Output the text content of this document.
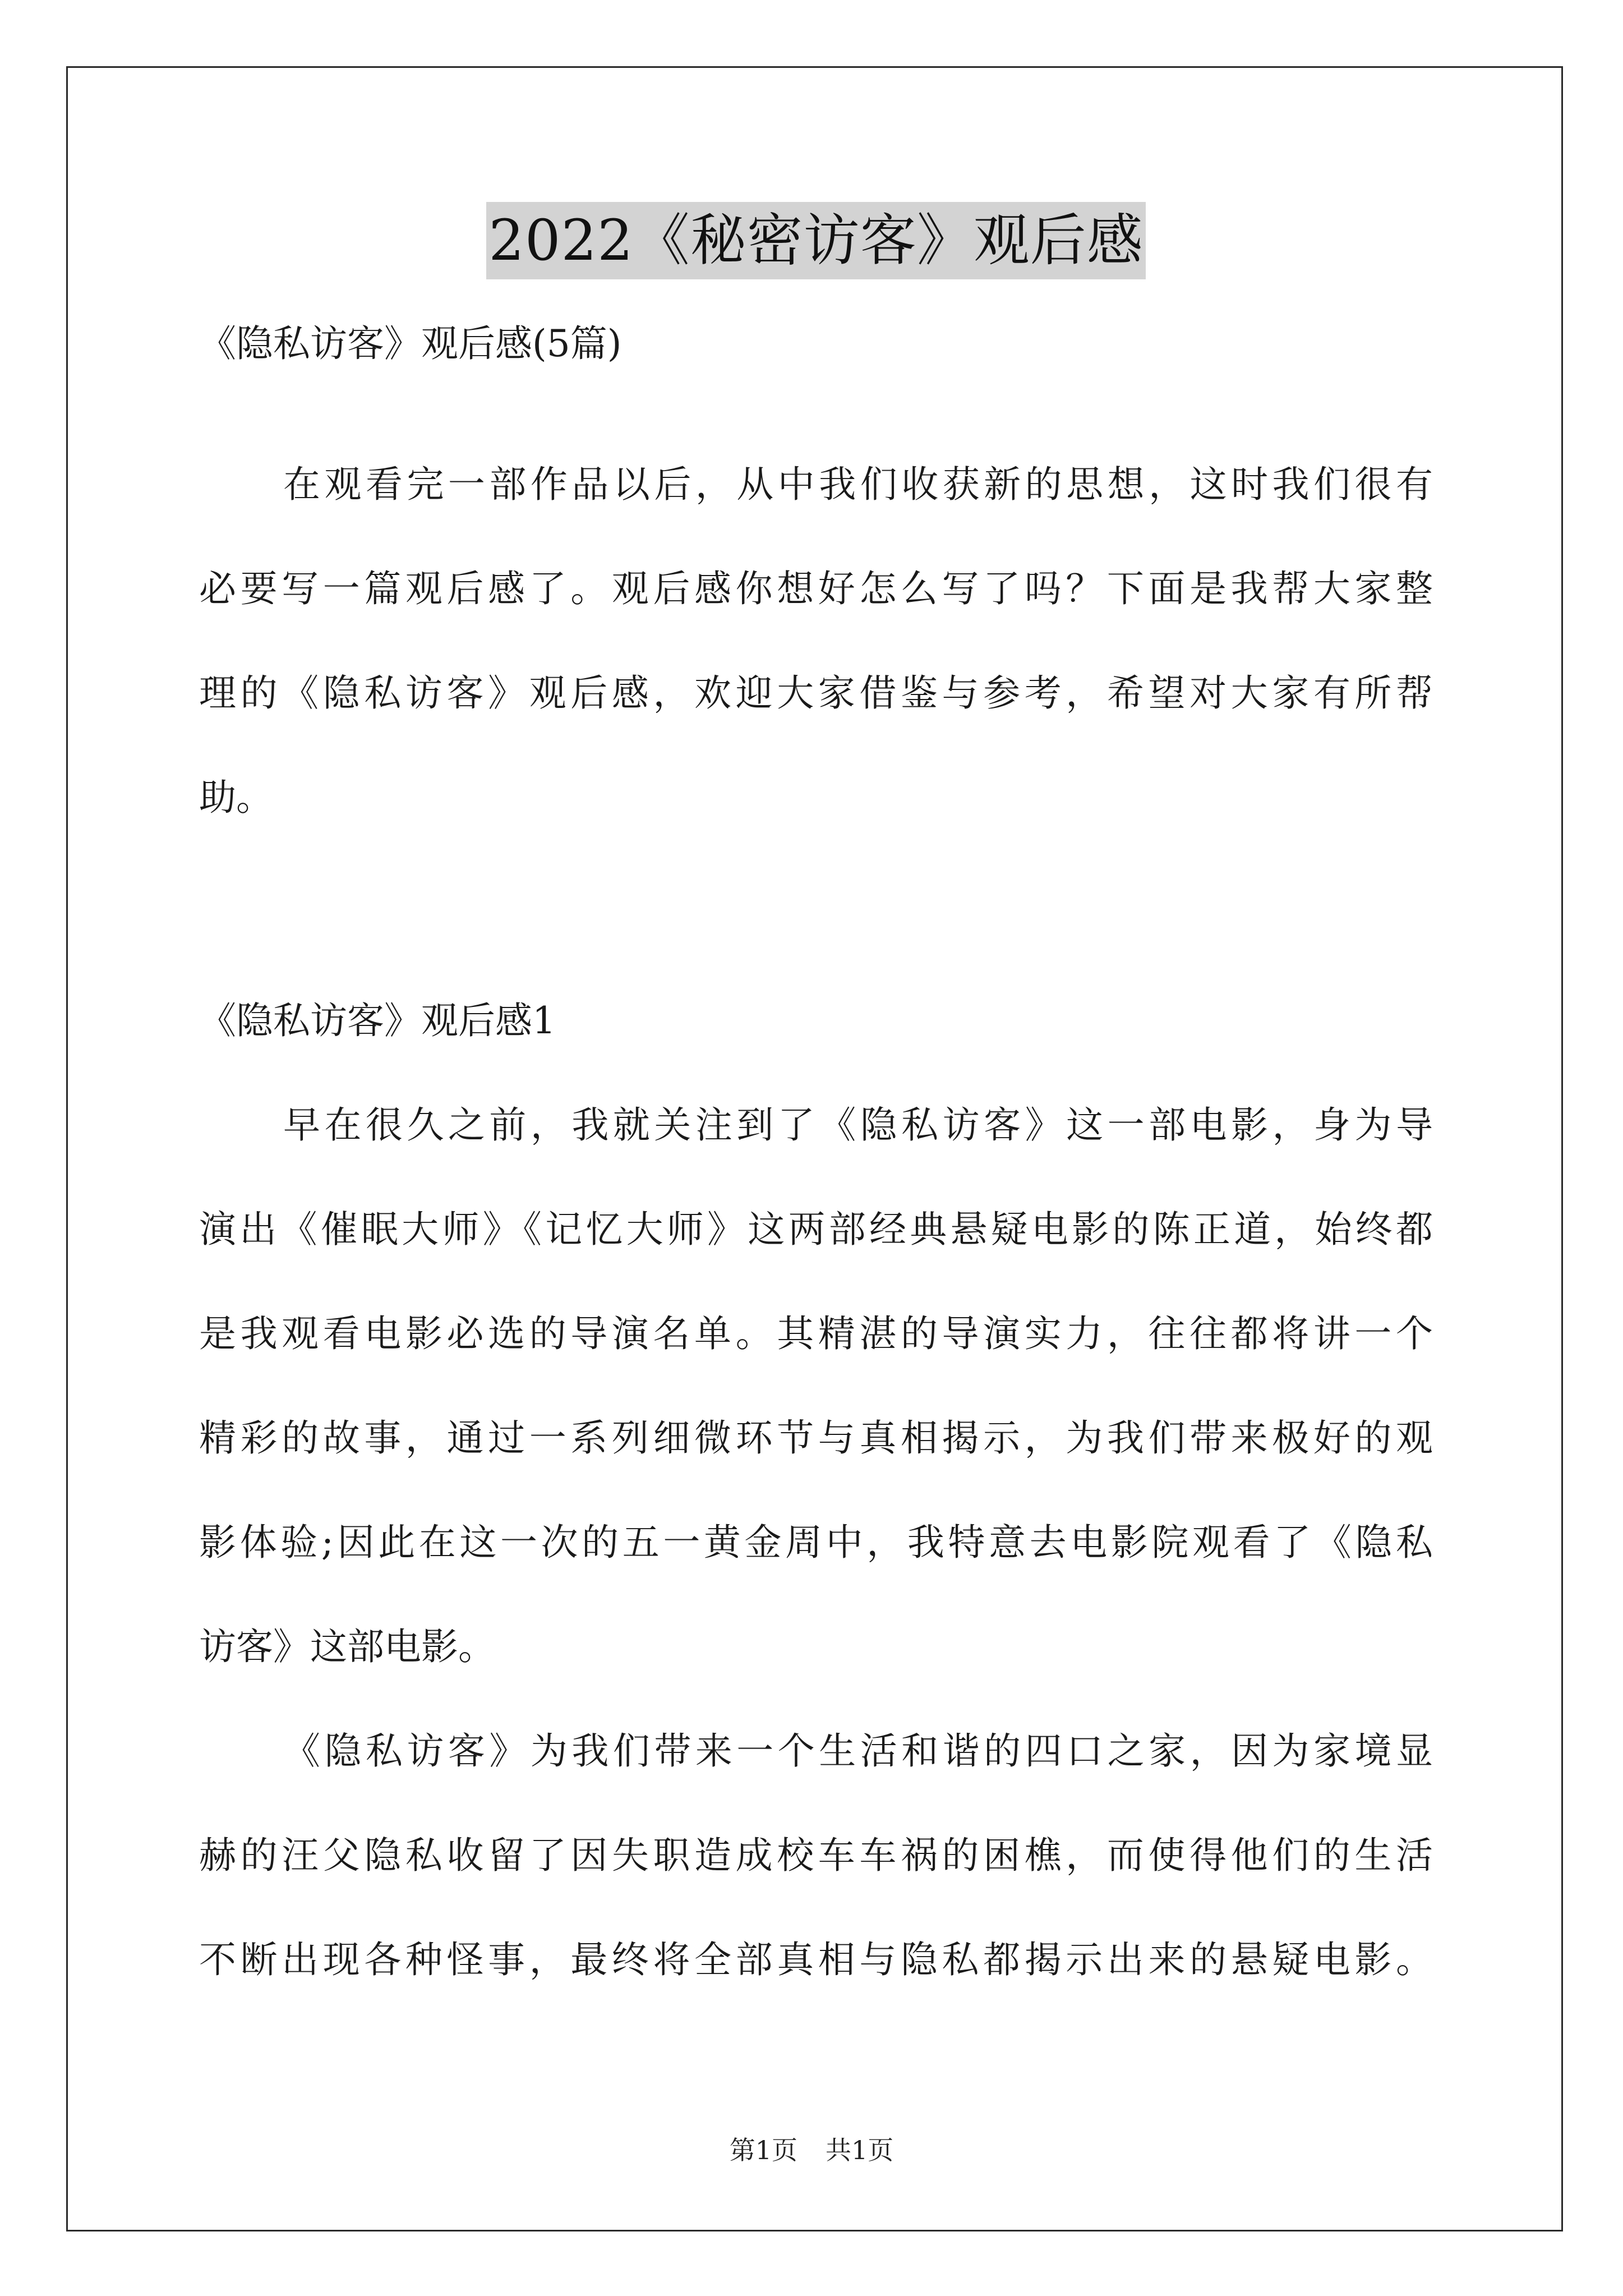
2022《秘密访客》观后感
《隐私访客》观后感(5篇)
在观看完一部作品以后，从中我们收获新的思想，这时我们很有
必要写一篇观后感了。观后感你想好怎么写了吗？下面是我帮大家整
理的《隐私访客》观后感，欢迎大家借鉴与参考，希望对大家有所帮
助。
《隐私访客》观后感1
早在很久之前，我就关注到了《隐私访客》这一部电影，身为导
演出《催眠大师》《记忆大师》这两部经典悬疑电影的陈正道，始终都
是我观看电影必选的导演名单。其精湛的导演实力，往往都将讲一个
精彩的故事，通过一系列细微环节与真相揭示，为我们带来极好的观
影体验;因此在这一次的五一黄金周中，我特意去电影院观看了《隐私
访客》这部电影。
《隐私访客》为我们带来一个生活和谐的四口之家，因为家境显
赫的汪父隐私收留了因失职造成校车车祸的困樵，而使得他们的生活
不断出现各种怪事，最终将全部真相与隐私都揭示出来的悬疑电影。
第1页 共1页
